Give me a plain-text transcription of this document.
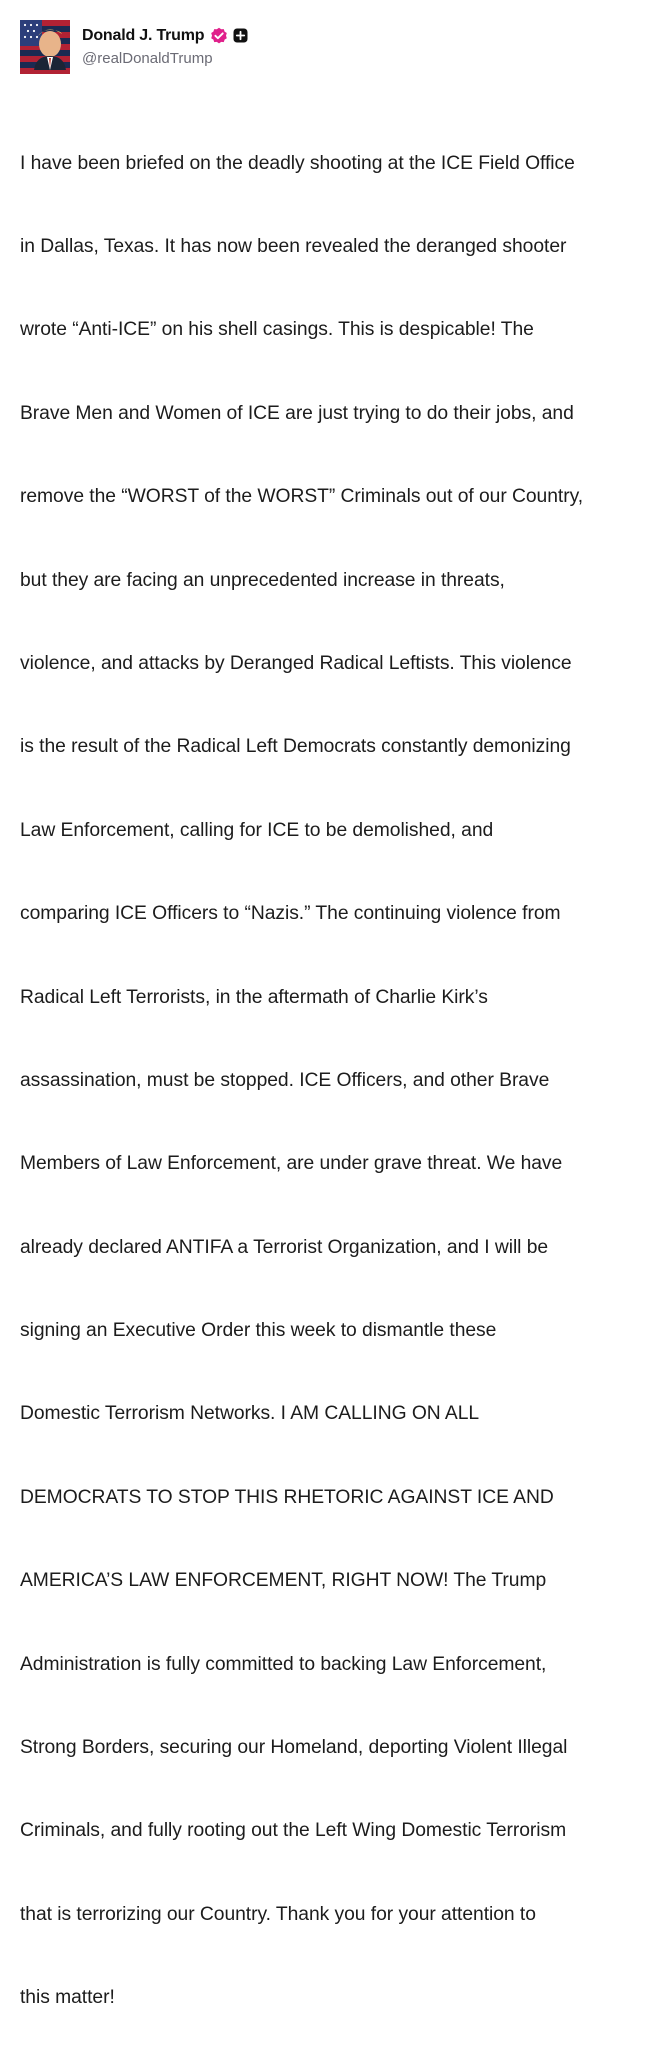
Donald J. Trump
@realDonaldTrump

I have been briefed on the deadly shooting at the ICE Field Office

in Dallas, Texas. It has now been revealed the deranged shooter

wrote “Anti-ICE” on his shell casings. This is despicable! The

Brave Men and Women of ICE are just trying to do their jobs, and

remove the “WORST of the WORST” Criminals out of our Country,

but they are facing an unprecedented increase in threats,

violence, and attacks by Deranged Radical Leftists. This violence

is the result of the Radical Left Democrats constantly demonizing

Law Enforcement, calling for ICE to be demolished, and

comparing ICE Officers to “Nazis.” The continuing violence from

Radical Left Terrorists, in the aftermath of Charlie Kirk’s

assassination, must be stopped. ICE Officers, and other Brave

Members of Law Enforcement, are under grave threat. We have

already declared ANTIFA a Terrorist Organization, and I will be

signing an Executive Order this week to dismantle these

Domestic Terrorism Networks. I AM CALLING ON ALL

DEMOCRATS TO STOP THIS RHETORIC AGAINST ICE AND

AMERICA’S LAW ENFORCEMENT, RIGHT NOW! The Trump

Administration is fully committed to backing Law Enforcement,

Strong Borders, securing our Homeland, deporting Violent Illegal

Criminals, and fully rooting out the Left Wing Domestic Terrorism

that is terrorizing our Country. Thank you for your attention to

this matter!
